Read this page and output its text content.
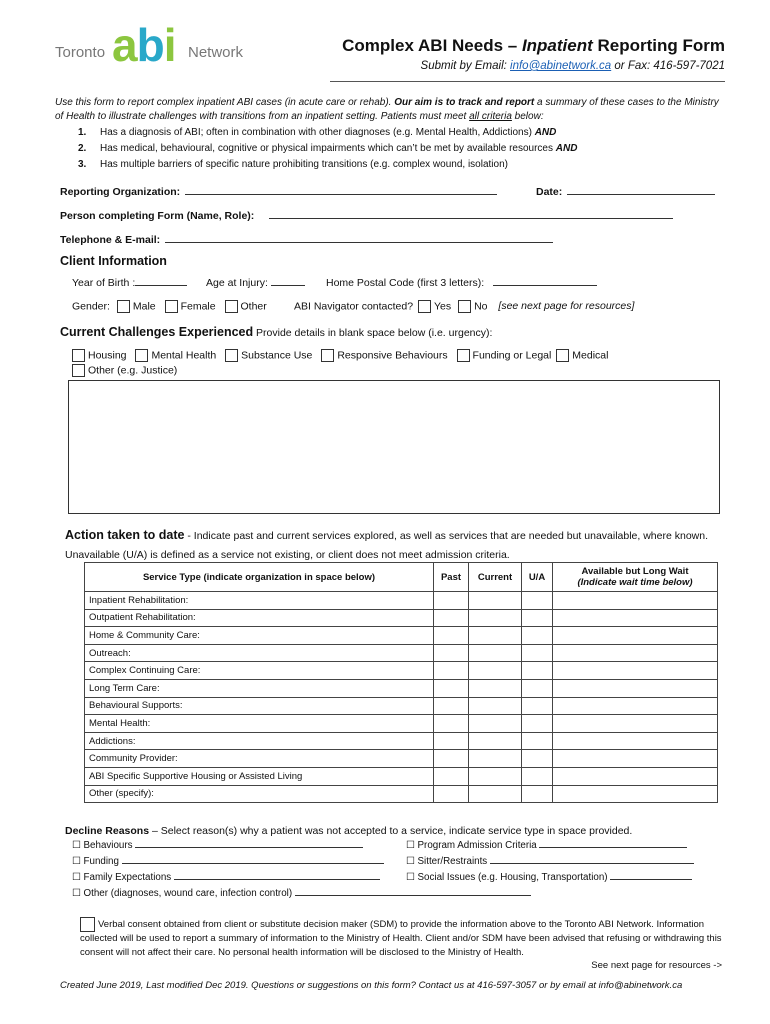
Toronto abi Network	Complex ABI Needs – Inpatient Reporting Form
Submit by Email: info@abinetwork.ca or Fax: 416-597-7021
Use this form to report complex inpatient ABI cases (in acute care or rehab). Our aim is to track and report a summary of these cases to the Ministry of Health to illustrate challenges with transitions from an inpatient setting. Patients must meet all criteria below:
1. Has a diagnosis of ABI; often in combination with other diagnoses (e.g. Mental Health, Addictions) AND
2. Has medical, behavioural, cognitive or physical impairments which can’t be met by available resources AND
3. Has multiple barriers of specific nature prohibiting transitions (e.g. complex wound, isolation)
Reporting Organization:	Date:
Person completing Form (Name, Role):
Telephone & E-mail:
Client Information
Year of Birth :	Age at Injury:	Home Postal Code (first 3 letters):
Gender: Male Female Other	ABI Navigator contacted? Yes No [see next page for resources]
Current Challenges Experienced Provide details in blank space below (i.e. urgency):
Housing Mental Health Substance Use Responsive Behaviours Funding or Legal Medical
Other (e.g. Justice)
Action taken to date - Indicate past and current services explored, as well as services that are needed but unavailable, where known. Unavailable (U/A) is defined as a service not existing, or client does not meet admission criteria.
Service Type (indicate organization in space below)	Past	Current	U/A	Available but Long Wait
(Indicate wait time below)
Inpatient Rehabilitation:				
Outpatient Rehabilitation:				
Home & Community Care:				
Outreach:				
Complex Continuing Care:				
Long Term Care:				
Behavioural Supports:				
Mental Health:				
Addictions:				
Community Provider:				
ABI Specific Supportive Housing or Assisted Living				
Other (specify):				
Decline Reasons – Select reason(s) why a patient was not accepted to a service, indicate service type in space provided.
☐ Behaviours
☐ Funding
☐ Family Expectations
☐ Other (diagnoses, wound care, infection control)
☐ Program Admission Criteria
☐ Sitter/Restraints
☐ Social Issues (e.g. Housing, Transportation)
Verbal consent obtained from client or substitute decision maker (SDM) to provide the information above to the Toronto ABI Network. Information collected will be used to report a summary of information to the Ministry of Health. Client and/or SDM have been advised that refusing or withdrawing this consent will not affect their care. No personal health information will be disclosed to the Ministry of Health.
See next page for resources ->
Created June 2019, Last modified Dec 2019. Questions or suggestions on this form? Contact us at 416-597-3057 or by email at info@abinetwork.ca
